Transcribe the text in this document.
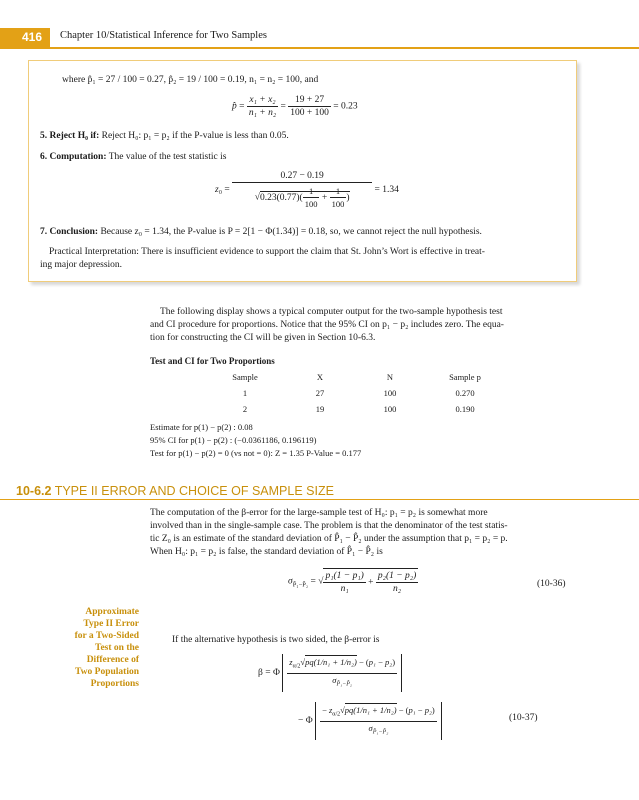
416	Chapter 10/Statistical Inference for Two Samples
where p̂₁ = 27 / 100 = 0.27, p̂₂ = 19 / 100 = 0.19, n₁ = n₂ = 100, and
p̂ = $\frac{\text{x₁ + x₂}}{\text{n₁ + n₂}} = \frac{19 + 27}{100 + 100} = 0.23$
5. Reject H₀ if: Reject H₀: p₁ = p₂ if the P-value is less than 0.05.
6. Computation: The value of the test statistic is
$z_0 = \frac{0.27 - 0.19}{√0.23(0.77)( \frac{1}{100} + \frac{1}{100} )} = 1.34$
7. Conclusion: Because z₀ = 1.34, the P-value is P = 2[1 − Φ(1.34)] = 0.18, so, we cannot reject the null hypothesis.
Practical Interpretation: There is insufficient evidence to support the claim that St. John’s Wort is effective in treat-
ing major depression.
The following display shows a typical computer output for the two-sample hypothesis test
and CI procedure for proportions. Notice that the 95% CI on p₁ − p₂ includes zero. The equa-
tion for constructing the CI will be given in Section 10-6.3.
Test and CI for Two Proportions
Sample	X	N	Sample p
1	27	100	0.270
2	19	100	0.190
Estimate for p(1) − p(2) : 0.08
95% CI for p(1) − p(2) : (−0.0361186, 0.196119)
Test for p(1) − p(2) = 0 (vs not = 0): Z = 1.35 P-Value = 0.177
10-6.2 TYPE II ERROR AND CHOICE OF SAMPLE SIZE
The computation of the β-error for the large-sample test of H₀: p₁ = p₂ is somewhat more
involved than in the single-sample case. The problem is that the denominator of the test statis-
tic Z₀ is an estimate of the standard deviation of P̂₁ − P̂₂ under the assumption that p₁ = p₂ = p.
When H₀: p₁ = p₂ is false, the standard deviation of P̂₁ − P̂₂ is
$\sigma_{P̂_1-P̂_2}$ = √ $\frac{\text{p₁(1 − p₁)}}{\text{n₁}} + \frac{\text{p₂(1 − p₂)}}{\text{n₂}}$	(10-36)
Approximate
Type II Error
for a Two-Sided
Test on the
Difference of
Two Population
Proportions
If the alternative hypothesis is two sided, the β-error is
β = Φ $\frac{z_{\alpha/2}√pq(1/n_1 + 1/n_2) - (p_1 - p_2)}{\sigma_{P̂_1-P̂_2}}$
− Φ $\frac{- z_{\alpha/2}√pq(1/n_1 + 1/n_2) - (p_1 - p_2)}{\sigma_{P̂_1-P̂_2}}$	(10-37)
